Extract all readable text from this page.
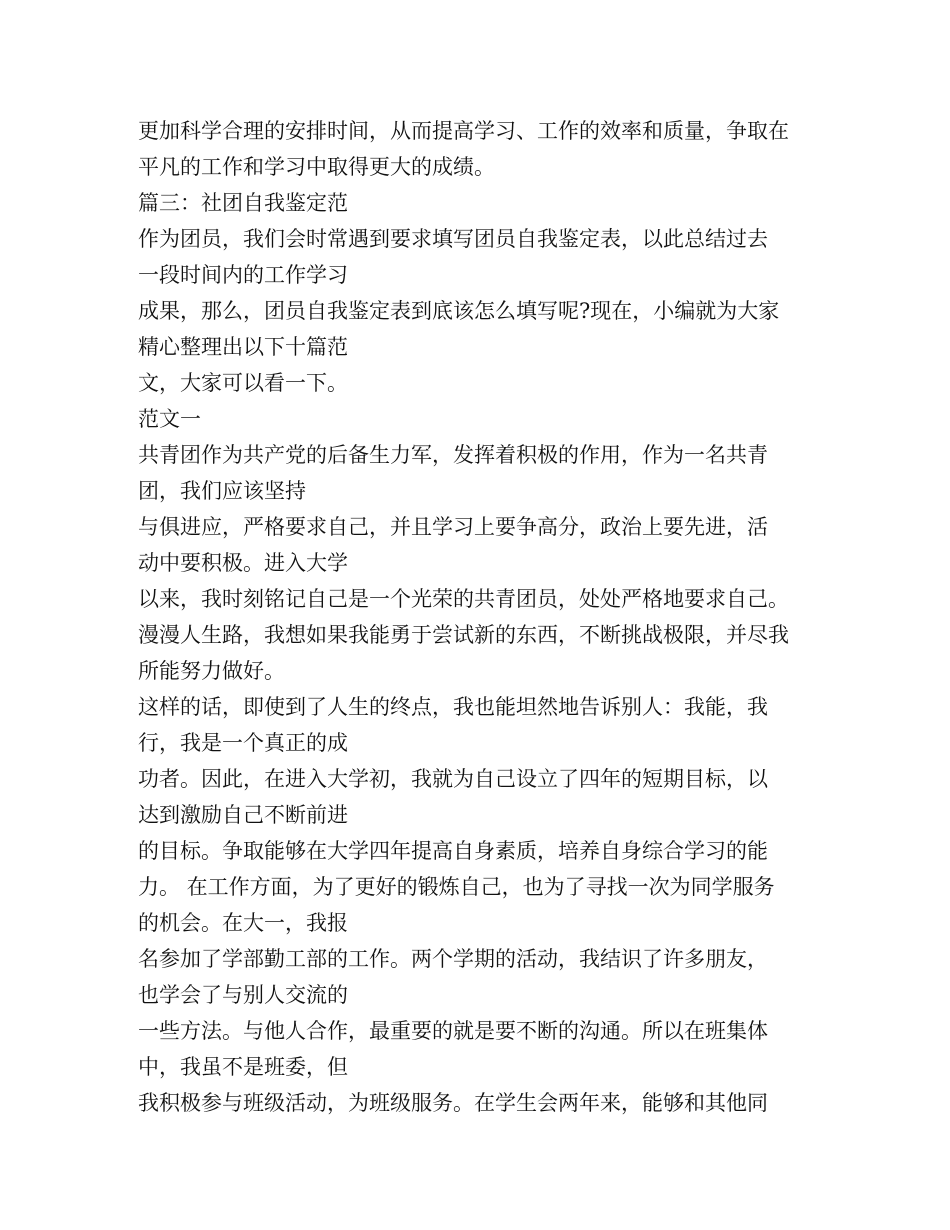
更加科学合理的安排时间，从而提高学习、工作的效率和质量，争取在
平凡的工作和学习中取得更大的成绩。
篇三：社团自我鉴定范
作为团员，我们会时常遇到要求填写团员自我鉴定表，以此总结过去
一段时间内的工作学习
成果，那么，团员自我鉴定表到底该怎么填写呢?现在，小编就为大家
精心整理出以下十篇范
文，大家可以看一下。
范文一
共青团作为共产党的后备生力军，发挥着积极的作用，作为一名共青
团，我们应该坚持
与俱进应，严格要求自己，并且学习上要争高分，政治上要先进，活
动中要积极。进入大学
以来，我时刻铭记自己是一个光荣的共青团员，处处严格地要求自己。
漫漫人生路，我想如果我能勇于尝试新的东西，不断挑战极限，并尽我
所能努力做好。
这样的话，即使到了人生的终点，我也能坦然地告诉别人：我能，我
行，我是一个真正的成
功者。因此，在进入大学初，我就为自己设立了四年的短期目标，以
达到激励自己不断前进
的目标。争取能够在大学四年提高自身素质，培养自身综合学习的能
力。 在工作方面，为了更好的锻炼自己，也为了寻找一次为同学服务
的机会。在大一，我报
名参加了学部勤工部的工作。两个学期的活动，我结识了许多朋友，
也学会了与别人交流的
一些方法。与他人合作，最重要的就是要不断的沟通。所以在班集体
中，我虽不是班委，但
我积极参与班级活动，为班级服务。在学生会两年来，能够和其他同
